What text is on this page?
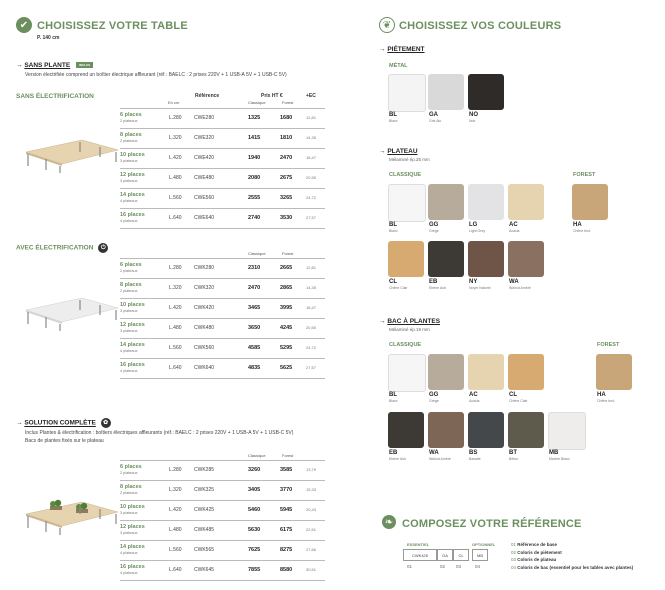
✔ CHOISISSEZ VOTRE TABLE
P. 140 cm
→ SANS PLANTE	INCLUS
Version électrifiée comprend un boîtier électrique affleurant (réf.: BAELC : 2 prises 220V + 1 USB-A 5V + 1 USB-C 5V)
SANS ÉLECTRIFICATION
En cm
Référence	Prix HT €
Classique	Forest
+EC
6 places
2 plateaux	L.280 CWE280	1325	1680	12,81
8 places
2 plateaux	L.320 CWE320	1415	1810	14,35
10 places
3 plateaux	L.420 CWE420	1940	2470	18,47
12 places
3 plateaux	L.480 CWE480	2080	2675	20,55
14 places
4 plateaux	L.560 CWE560	2555	3265	24,72
16 places
4 plateaux	L.640 CWE640	2740	3530	27,57
AVEC ÉLECTRIFICATION ⏻
Classique	Forest
6 places
2 plateaux	L.280 CWK280	2310	2665	12,81
8 places
2 plateaux	L.320 CWK320	2470	2865	14,35
10 places
3 plateaux	L.420 CWK420	3465	3995	18,47
12 places
3 plateaux	L.480 CWK480	3650	4245	20,55
14 places
4 plateaux	L.560 CWK560	4585	5295	24,72
16 places
4 plateaux	L.640 CWK640	4835	5625	27,57
→ SOLUTION COMPLÈTE ✿
Inclus Plantes & électrification : boîtiers électriques affleurants (réf.: BAELC : 2 prises 220V + 1 USB-A 5V + 1 USB-C 5V)
Bacs de plantes fixés sur le plateau
Classique	Forest
6 places
2 plateaux	L.280 CWK285	3260	3585	13,79
8 places
2 plateaux	L.320 CWK325	3405	3770	15,33
10 places
3 plateaux	L.420 CWK425	5460	5945	20,43
12 places
3 plateaux	L.480 CWK485	5630	6175	22,51
14 places
4 plateaux	L.560 CWK565	7625	8275	27,66
16 places
4 plateaux	L.640 CWK645	7855	8580	30,51
❦ CHOISISSEZ VOS COULEURS
→ PIÉTEMENT
MÉTAL
BL
Blanc
GA
Gris Alu
NO
Noir
→ PLATEAU
Mélaminé ép.25 mm
CLASSIQUE	FOREST
BL
Blanc
GG
Grège
LG
Light Grey
AC
Acacia
HA
Chêne brut
CL
Chêne Clair
EB
Ebène Ash
NY
Noyer Naturel
WA
Walnut Ambré
→ BAC À PLANTES
Mélaminé ép.19 mm
CLASSIQUE	FOREST
BL
Blanc
GG
Grège
AC
Acacia
CL
Chêne Clair
HA
Chêne brut
EB
Ebène Ash
WA
Walnut Ambré
BS
Basalte
BT
Béton
MB
Marbre Blanc
❧ COMPOSEZ VOTRE RÉFÉRENCE
ESSENTIEL	OPTIONNEL
CWK425	GA	CL	MB
01	02 03	04
01 Référence de base
02 Coloris de piètement
03 Coloris de plateau
04 Coloris de bac (essentiel pour les tables avec plantes)
